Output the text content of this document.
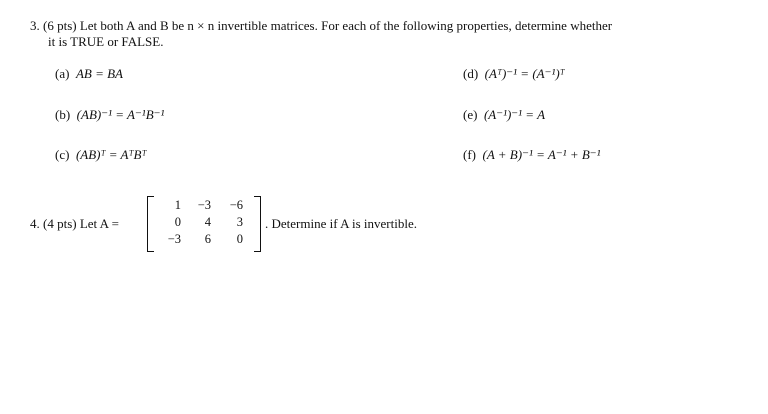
3. (6 pts) Let both A and B be n × n invertible matrices. For each of the following properties, determine whether
it is TRUE or FALSE.
(a) AB = BA
(b) (AB)⁻¹ = A⁻¹B⁻¹
(c) (AB)ᵀ = AᵀBᵀ
(d) (Aᵀ)⁻¹ = (A⁻¹)ᵀ
(e) (A⁻¹)⁻¹ = A
(f) (A + B)⁻¹ = A⁻¹ + B⁻¹
4. (4 pts) Let A =
1	−3	−6
0	4	3
−3	6	0
. Determine if A is invertible.
